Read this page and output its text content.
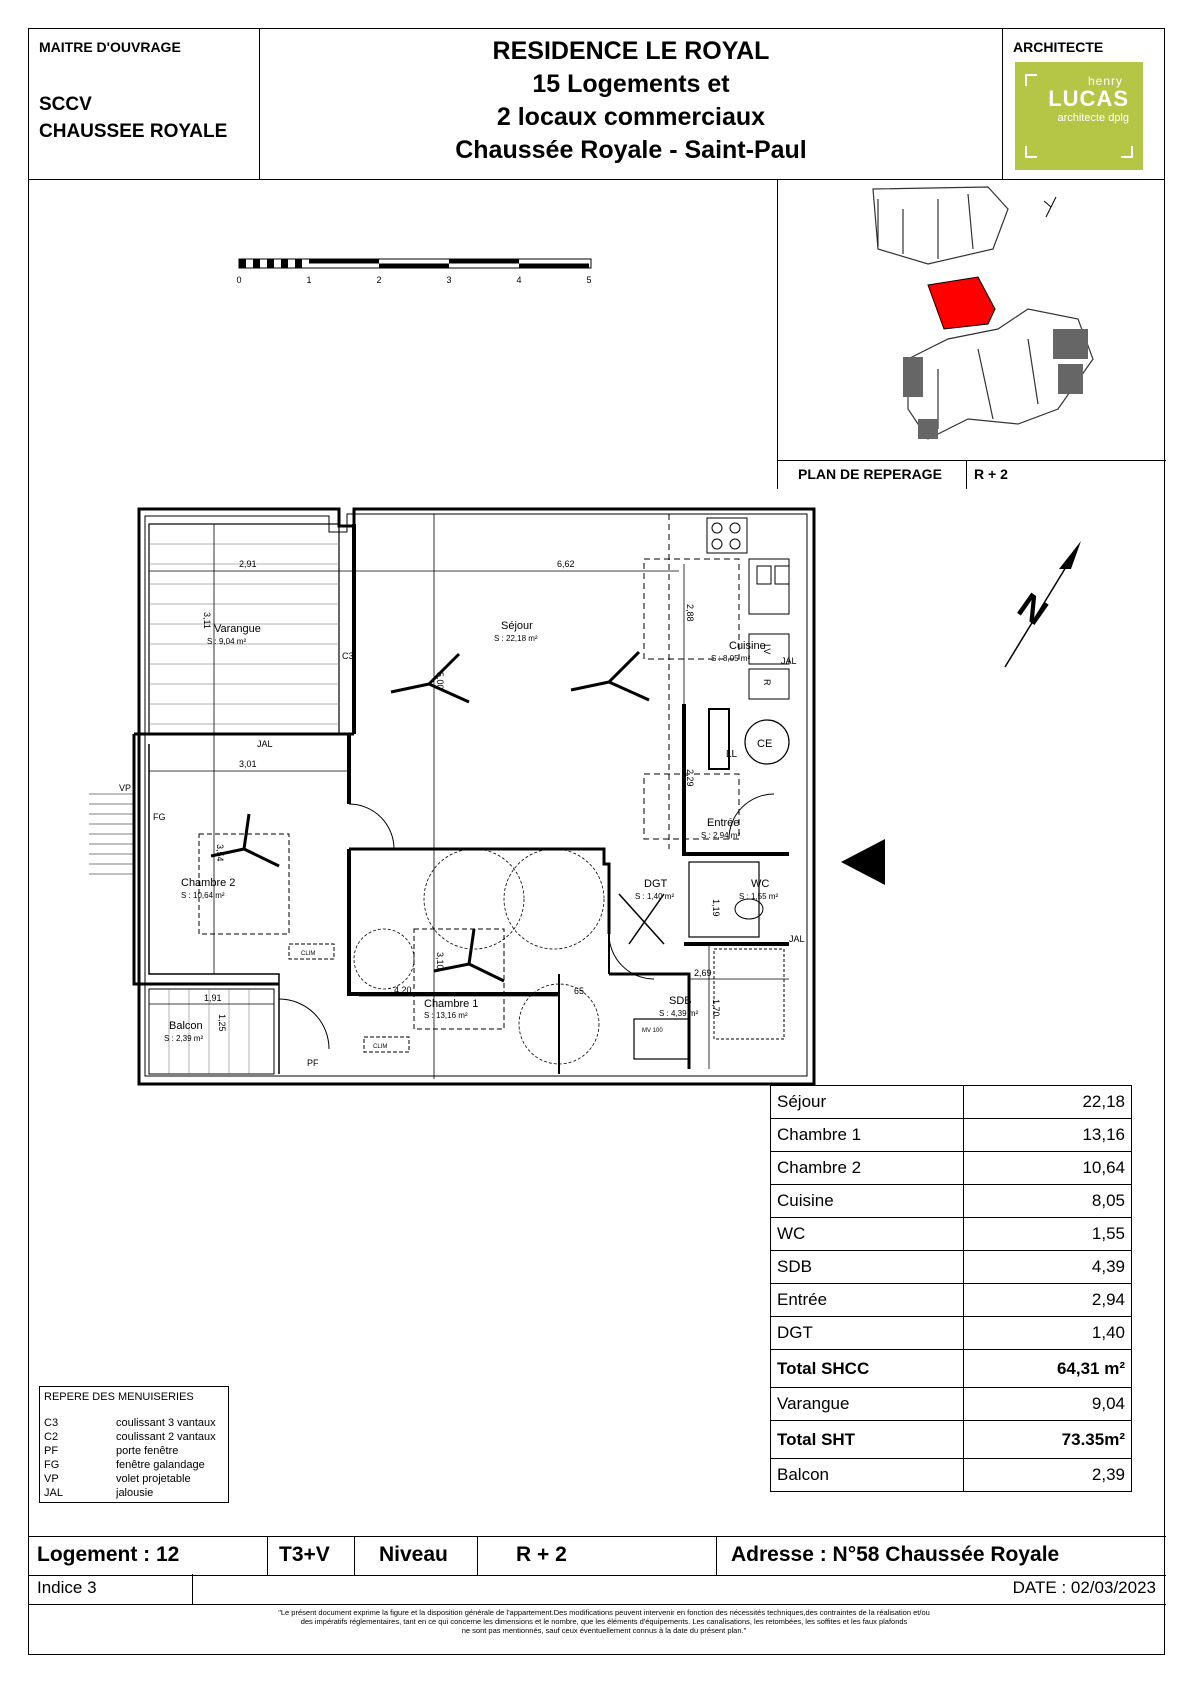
MAITRE D'OUVRAGE
SCCV
CHAUSSEE ROYALE
RESIDENCE LE ROYAL
15 Logements et
2 locaux commerciaux
Chaussée Royale - Saint-Paul
ARCHITECTE
henry
LUCAS
architecte dplg
0	1	2	3	4	5
PLAN DE REPERAGE R + 2
N
2,91	6,62
3,11	2,88
5,00
3,01
3,54
2,29
1,19
4,20
3,10
65
2,69
1,70
1,91
1,25
Varangue
S : 9,04 m²
Séjour
S : 22,18 m²
Cuisine
S : 8,05 m²
Chambre 2
S : 10,64 m²
Chambre 1
S : 13,16 m²
Entrée
S : 2,94 m²
DGT
S : 1,40 m²
WC
S : 1,55 m²
SDB
S : 4,39 m²
Balcon
S : 2,39 m²
C3
JAL
JAL
JAL
VP
FG
PF
CLIM
CLIM
CE
LL
LV
R
MV 100
REPERE DES MENUISERIES
C3	coulissant 3 vantaux
C2	coulissant 2 vantaux
PF	porte fenêtre
FG	fenêtre galandage
VP	volet projetable
JAL	jalousie
Logement : 12	T3+V Niveau	R + 2	Adresse : N°58 Chaussée Royale
Indice 3	DATE : 02/03/2023
"Le présent document exprime la figure et la disposition générale de l'appartement.Des modifications peuvent intervenir en fonction des nécessités techniques,des contraintes de la réalisation et/ou
des impératifs réglementaires, tant en ce qui concerne les dimensions et le nombre, que les éléments d'équipements. Les canalisations, les retombées, les soffites et les faux plafonds
ne sont pas mentionnés, sauf ceux éventuellement connus à la date du présent plan."
Séjour	22,18
Chambre 1	13,16
Chambre 2	10,64
Cuisine	8,05
WC	1,55
SDB	4,39
Entrée	2,94
DGT	1,40
Total SHCC	64,31 m²
Varangue	9,04
Total SHT	73.35m²
Balcon	2,39
